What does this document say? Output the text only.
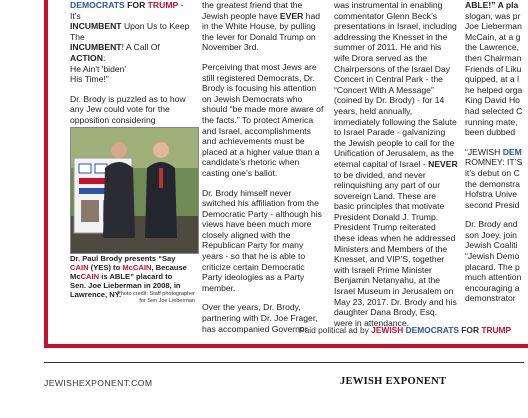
DEMOCRATS FOR TRUMP - It's
INCUMBENT Upon Us to Keep The
INCUMBENT! A Call Of ACTION:
He Ain't 'biden'
His Time!"

Dr. Brody is puzzled as to how any Jew could vote for the opposition considering

Dr. Paul Brody presents “Say
CAIN (YES) to McCAIN, Because
McCAIN is ABLE” placard to
Sen. Joe Lieberman in 2008, in
Lawrence, NY.
Photo credit: Staff photographer
for Sen Joe Lieberman

the greatest friend that the Jewish people have EVER had in the White House, by pulling the lever for Donald Trump on November 3rd.

Perceiving that most Jews are still registered Democrats, Dr. Brody is focusing his attention on Jewish Democrats who should “be made more aware of the facts.” To protect America and Israel, accomplishments and achievements must be placed at a higher value than a candidate’s rhetoric when casting one’s ballot.

Dr. Brody himself never switched his affiliation from the Democratic Party - although his views have been much more closely aligned with the Republican Party for many years - so that he is able to criticize certain Democratic Party ideologies as a Party member.

Over the years, Dr. Brody, partnering with Dr. Joe Frager, has accompanied Governor

was instrumental in enabling commentator Glenn Beck’s presentations in Israel, including addressing the Knesset in the summer of 2011. He and his wife Drora served as the Chairpersons of the Israel Day Concert in Central Park - the “Concert With A Message” (coined by Dr. Brody) - for 14 years, held annually, immediately following the Salute to Israel Parade - galvanizing the Jewish people to call for the Unification of Jerusalem, as the eternal capital of Israel - NEVER to be divided, and never relinquishing any part of our sovereign Land. These are basic principles that motivate President Donald J. Trump. President Trump reiterated these ideas when he addressed Ministers and Members of the Knesset, and VIP’S, together with Israeli Prime Minister Benjamin Netanyahu, at the Israel Museum in Jerusalem on May 23, 2017. Dr. Brody and his daughter Dana Brody, Esq. were in attendance.

ABLE!” A pla
slogan, was pr
Joe Lieberman
McCain, at a g
the Lawrence,
then Chairman
Friends of Liku
quipped, at a l
he helped orga
King David Ho
had selected C
running mate,
been dubbed
“JEWISH DEM
ROMNEY: IT’S
it’s debut on C
the demonstra
Hofstra Unive
second Presid
Dr. Brody and
son Joey, join
Jewish Coaliti
“Jewish Demo
placard. The p
much attention
encouraging a
demonstrator
Paid political ad by JEWISH DEMOCRATS FOR TRUMP
JEWISHEXPONENT.COM	JEWISH EXPONENT
